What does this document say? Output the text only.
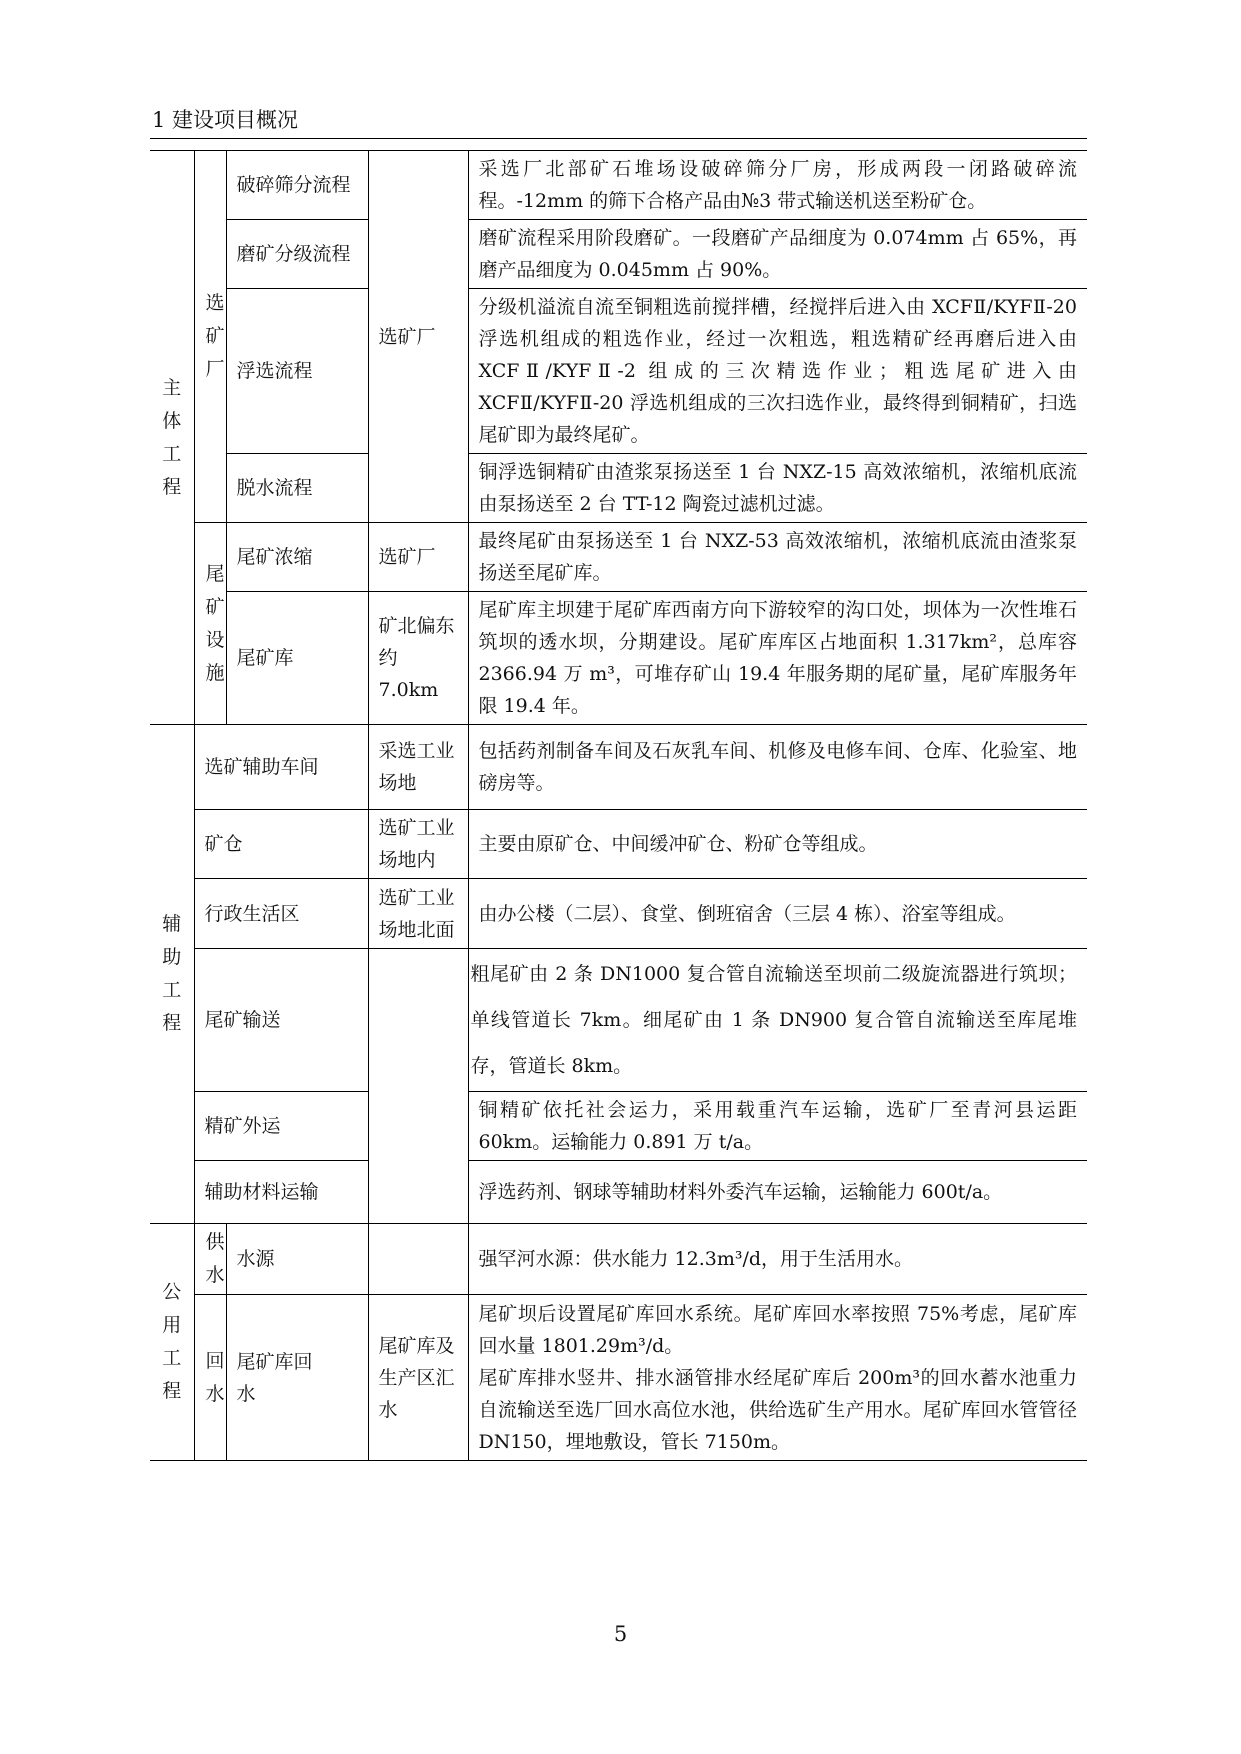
1 建设项目概况
主体工程	选矿厂	破碎筛分流程	选矿厂	采选厂北部矿石堆场设破碎筛分厂房，形成两段一闭路破碎流程。-12mm 的筛下合格产品由№3 带式输送机送至粉矿仓。
		磨矿分级流程		磨矿流程采用阶段磨矿。一段磨矿产品细度为 0.074mm 占 65%，再磨产品细度为 0.045mm 占 90%。
		浮选流程		分级机溢流自流至铜粗选前搅拌槽，经搅拌后进入由 XCFⅡ/KYFⅡ-20 浮选机组成的粗选作业，经过一次粗选，粗选精矿经再磨后进入由 XCFⅡ/KYFⅡ-2 组成的三次精选作业；粗选尾矿进入由 XCFⅡ/KYFⅡ-20 浮选机组成的三次扫选作业，最终得到铜精矿，扫选尾矿即为最终尾矿。
		脱水流程		铜浮选铜精矿由渣浆泵扬送至 1 台 NXZ-15 高效浓缩机，浓缩机底流由泵扬送至 2 台 TT-12 陶瓷过滤机过滤。

	尾矿设施	尾矿浓缩	选矿厂	最终尾矿由泵扬送至 1 台 NXZ-53 高效浓缩机，浓缩机底流由渣浆泵扬送至尾矿库。
		尾矿库	矿北偏东约 7.0km	尾矿库主坝建于尾矿库西南方向下游较窄的沟口处，坝体为一次性堆石筑坝的透水坝，分期建设。尾矿库库区占地面积 1.317km²，总库容 2366.94 万 m³，可堆存矿山 19.4 年服务期的尾矿量，尾矿库服务年限 19.4 年。

辅助工程	选矿辅助车间		采选工业场地	包括药剂制备车间及石灰乳车间、机修及电修车间、仓库、化验室、地磅房等。
	矿仓		选矿工业场地内	主要由原矿仓、中间缓冲矿仓、粉矿仓等组成。
	行政生活区		选矿工业场地北面	由办公楼（二层）、食堂、倒班宿舍（三层 4 栋）、浴室等组成。
	尾矿输送			粗尾矿由 2 条 DN1000 复合管自流输送至坝前二级旋流器进行筑坝；单线管道长 7km。细尾矿由 1 条 DN900 复合管自流输送至库尾堆存，管道长 8km。
	精矿外运			铜精矿依托社会运力，采用载重汽车运输，选矿厂至青河县运距 60km。运输能力 0.891 万 t/a。
	辅助材料运输			浮选药剂、钢球等辅助材料外委汽车运输，运输能力 600t/a。

公用工程	供水	水源		强罕河水源：供水能力 12.3m³/d，用于生活用水。

	回水	尾矿库回水	尾矿库及生产区汇水	尾矿坝后设置尾矿库回水系统。尾矿库回水率按照 75%考虑，尾矿库回水量 1801.29m³/d。
尾矿库排水竖井、排水涵管排水经尾矿库后 200m³的回水蓄水池重力自流输送至选厂回水高位水池，供给选矿生产用水。尾矿库回水管管径 DN150，埋地敷设，管长 7150m。
5
